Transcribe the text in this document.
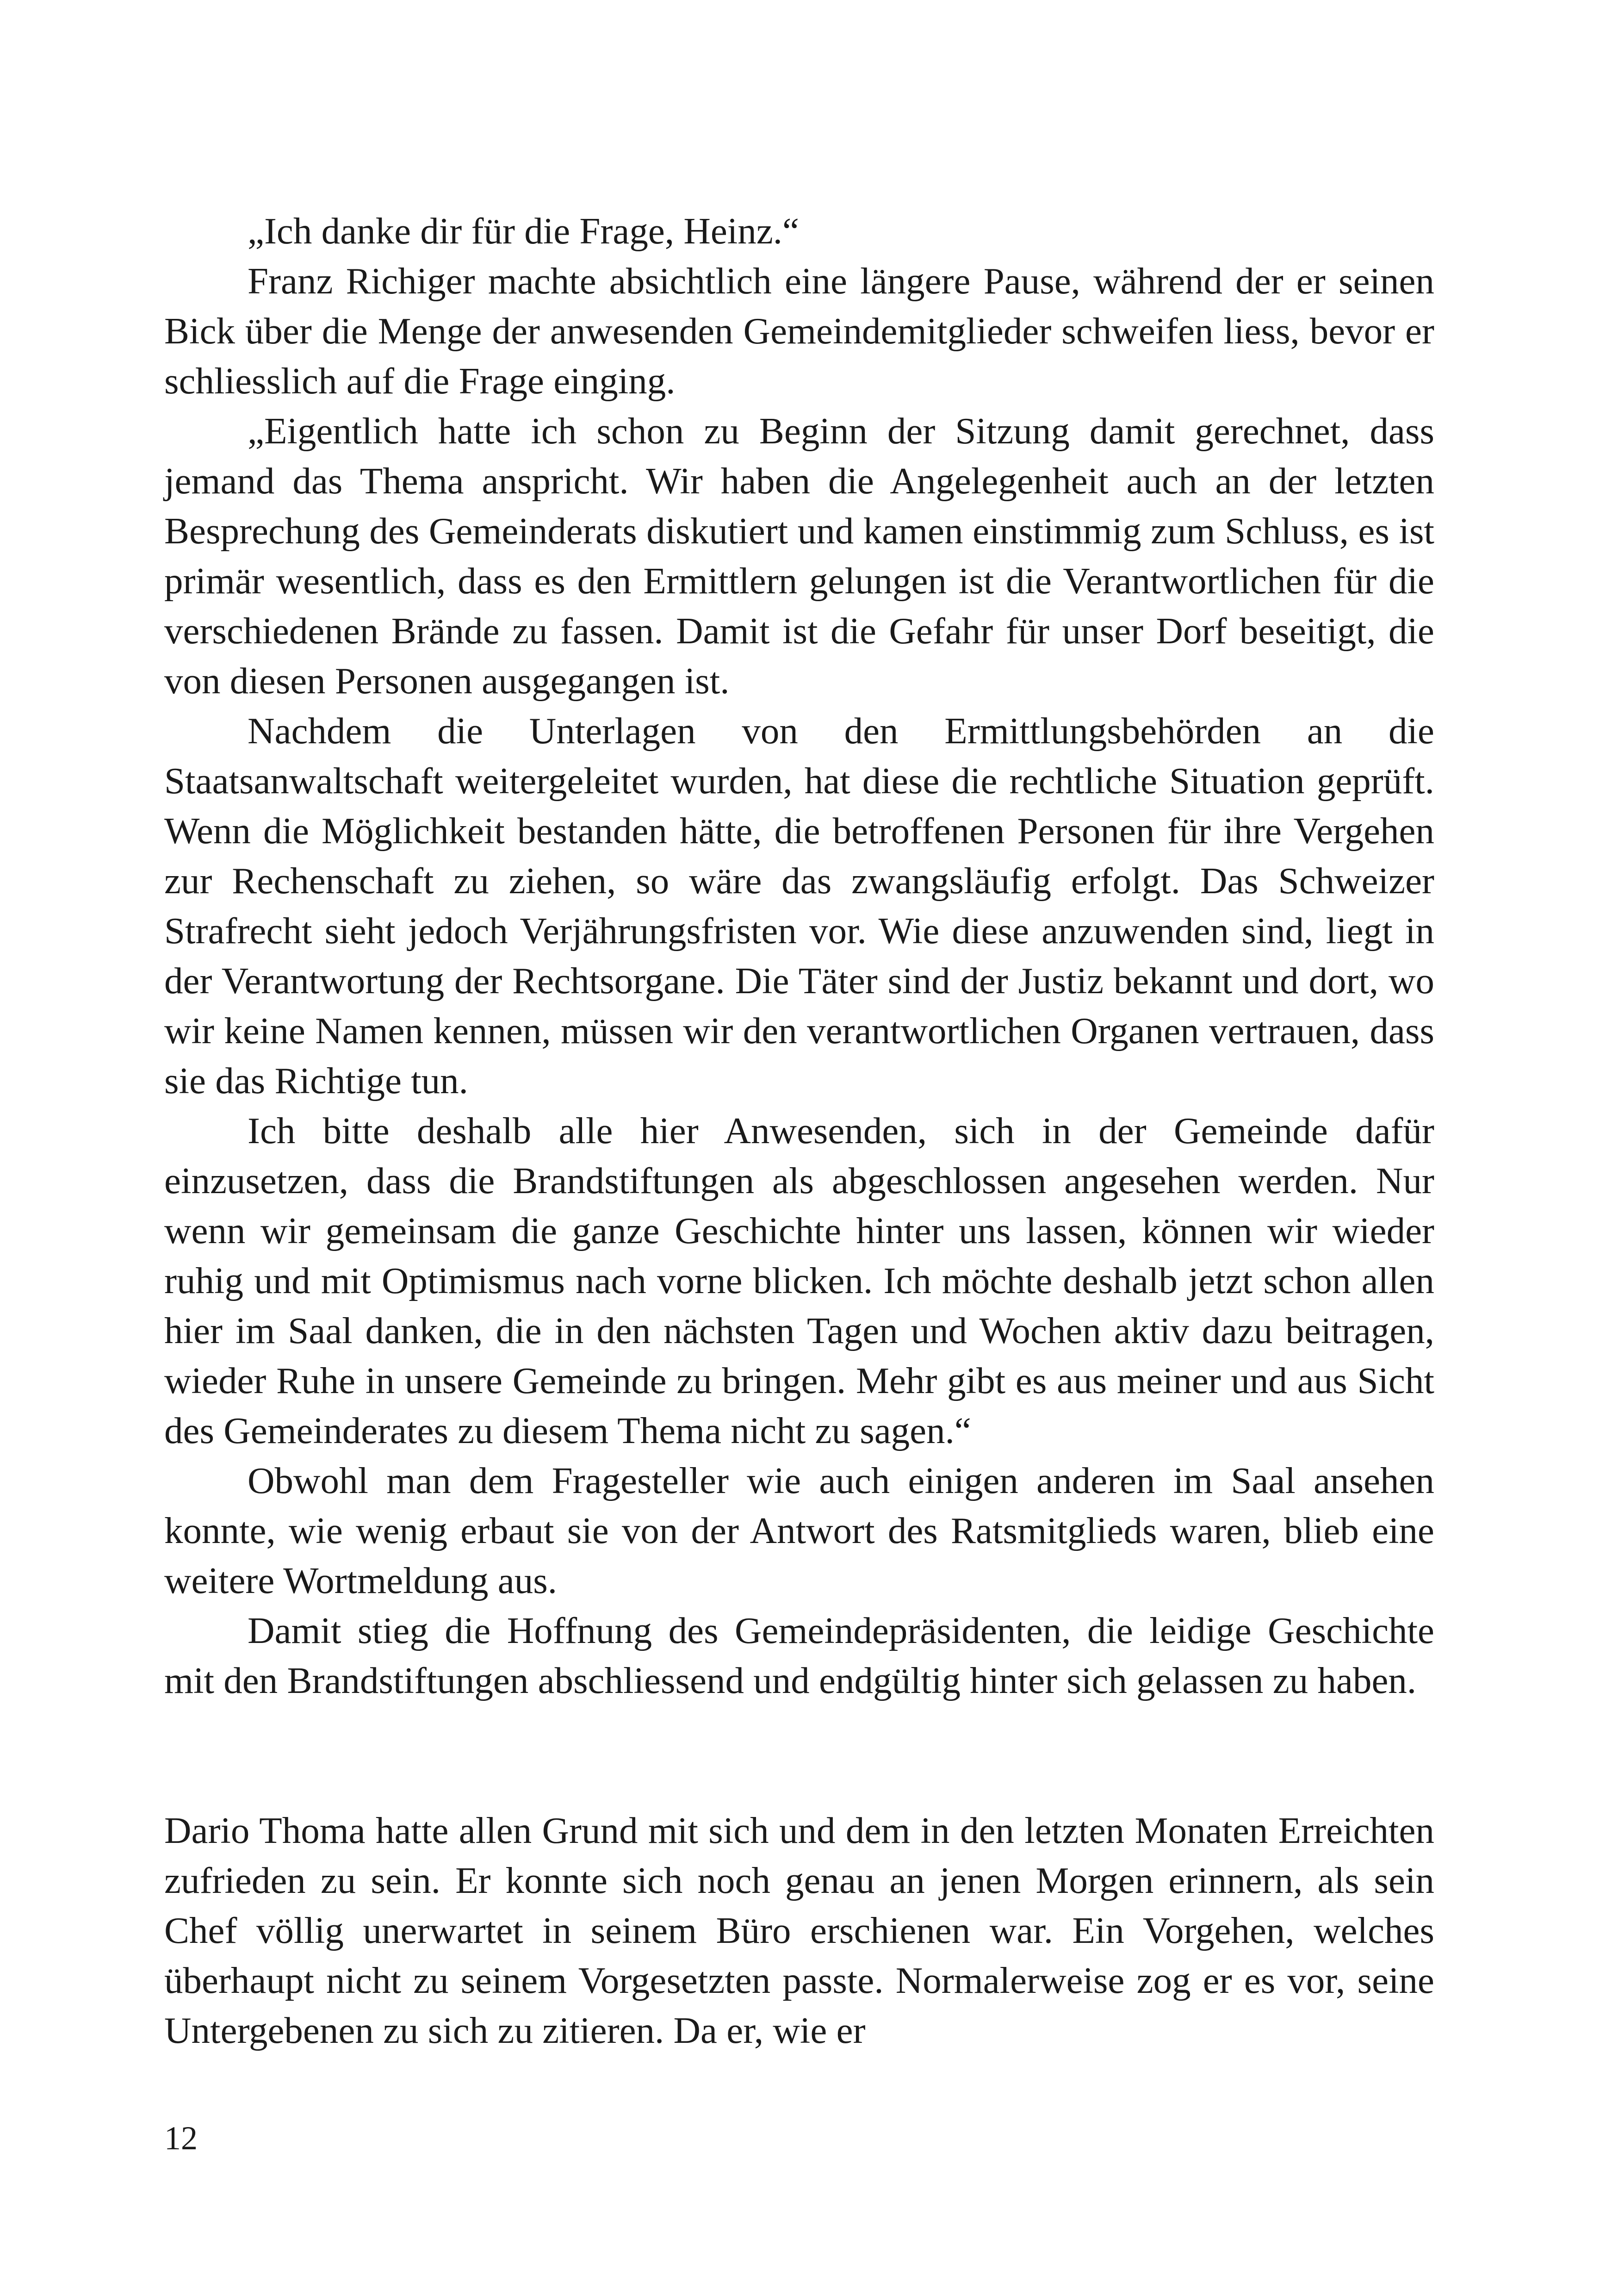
„Ich danke dir für die Frage, Heinz.“

Franz Richiger machte absichtlich eine längere Pause, während der er seinen Bick über die Menge der anwesenden Gemeindemitglieder schweifen liess, bevor er schliesslich auf die Frage einging.

„Eigentlich hatte ich schon zu Beginn der Sitzung damit gerechnet, dass jemand das Thema anspricht. Wir haben die Angelegenheit auch an der letzten Besprechung des Gemeinderats diskutiert und kamen einstimmig zum Schluss, es ist primär wesentlich, dass es den Ermittlern gelungen ist die Verantwortlichen für die verschiedenen Brände zu fassen. Damit ist die Gefahr für unser Dorf beseitigt, die von diesen Personen ausgegangen ist.

Nachdem die Unterlagen von den Ermittlungsbehörden an die Staatsanwaltschaft weitergeleitet wurden, hat diese die rechtliche Situation geprüft. Wenn die Möglichkeit bestanden hätte, die betroffenen Personen für ihre Vergehen zur Rechenschaft zu ziehen, so wäre das zwangsläufig erfolgt. Das Schweizer Strafrecht sieht jedoch Verjährungsfristen vor. Wie diese anzuwenden sind, liegt in der Verantwortung der Rechtsorgane. Die Täter sind der Justiz bekannt und dort, wo wir keine Namen kennen, müssen wir den verantwortlichen Organen vertrauen, dass sie das Richtige tun.

Ich bitte deshalb alle hier Anwesenden, sich in der Gemeinde dafür einzusetzen, dass die Brandstiftungen als abgeschlossen angesehen werden. Nur wenn wir gemeinsam die ganze Geschichte hinter uns lassen, können wir wieder ruhig und mit Optimismus nach vorne blicken. Ich möchte deshalb jetzt schon allen hier im Saal danken, die in den nächsten Tagen und Wochen aktiv dazu beitragen, wieder Ruhe in unsere Gemeinde zu bringen. Mehr gibt es aus meiner und aus Sicht des Gemeinderates zu diesem Thema nicht zu sagen.“

Obwohl man dem Fragesteller wie auch einigen anderen im Saal ansehen konnte, wie wenig erbaut sie von der Antwort des Ratsmitglieds waren, blieb eine weitere Wortmeldung aus.

Damit stieg die Hoffnung des Gemeindepräsidenten, die leidige Geschichte mit den Brandstiftungen abschliessend und endgültig hinter sich gelassen zu haben.

Dario Thoma hatte allen Grund mit sich und dem in den letzten Monaten Erreichten zufrieden zu sein. Er konnte sich noch genau an jenen Morgen erinnern, als sein Chef völlig unerwartet in seinem Büro erschienen war. Ein Vorgehen, welches überhaupt nicht zu seinem Vorgesetzten passte. Normalerweise zog er es vor, seine Untergebenen zu sich zu zitieren. Da er, wie er

12
